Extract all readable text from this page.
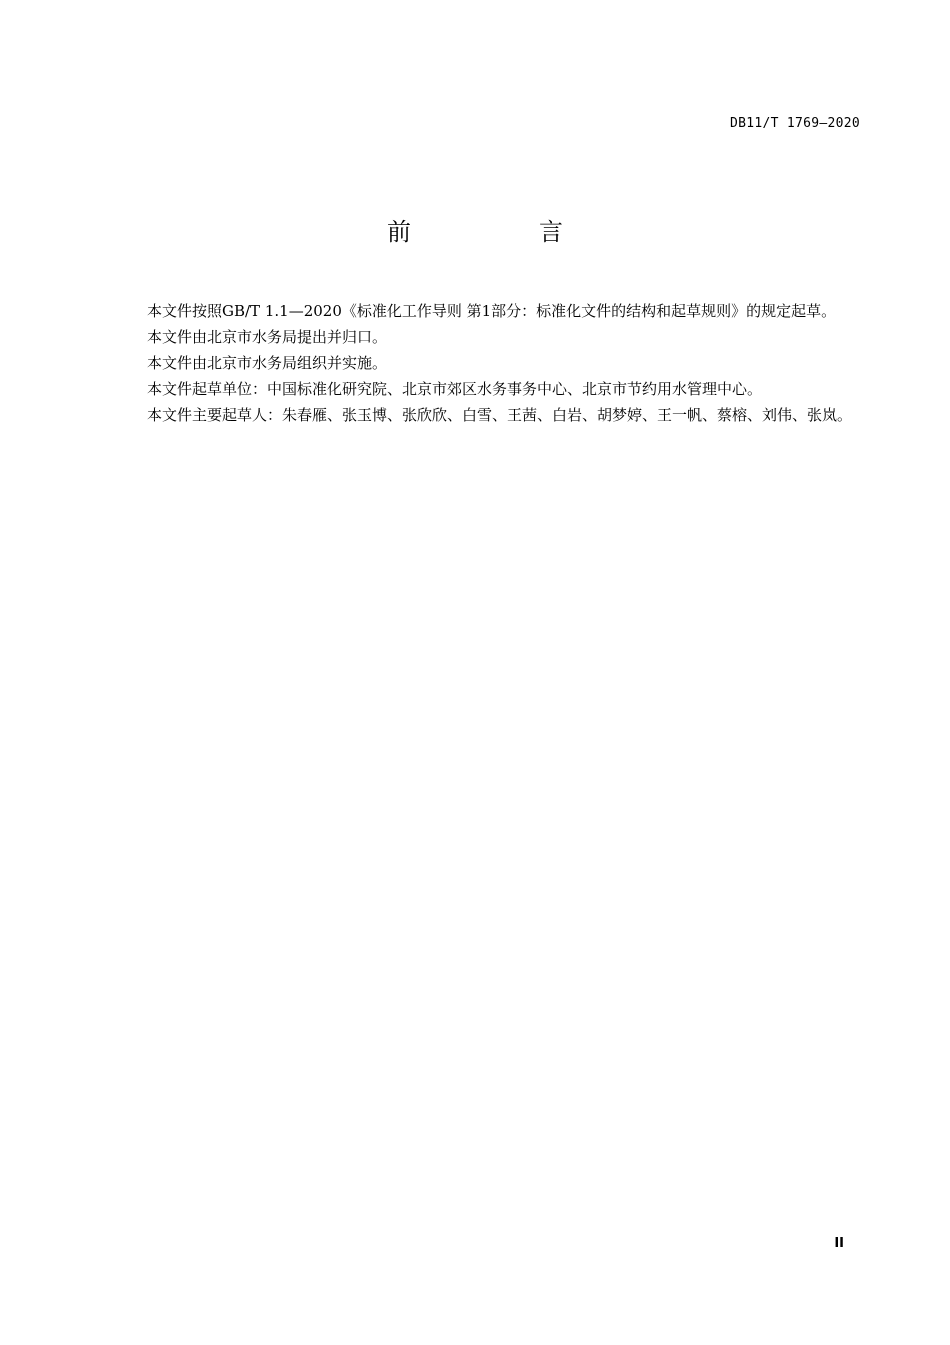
DB11/T 1769—2020
前　言

本文件按照GB/T 1.1—2020《标准化工作导则 第1部分：标准化文件的结构和起草规则》的规定起草。

本文件由北京市水务局提出并归口。

本文件由北京市水务局组织并实施。

本文件起草单位：中国标准化研究院、北京市郊区水务事务中心、北京市节约用水管理中心。

本文件主要起草人：朱春雁、张玉博、张欣欣、白雪、王茜、白岩、胡梦婷、王一帆、蔡榕、刘伟、张岚。

II
